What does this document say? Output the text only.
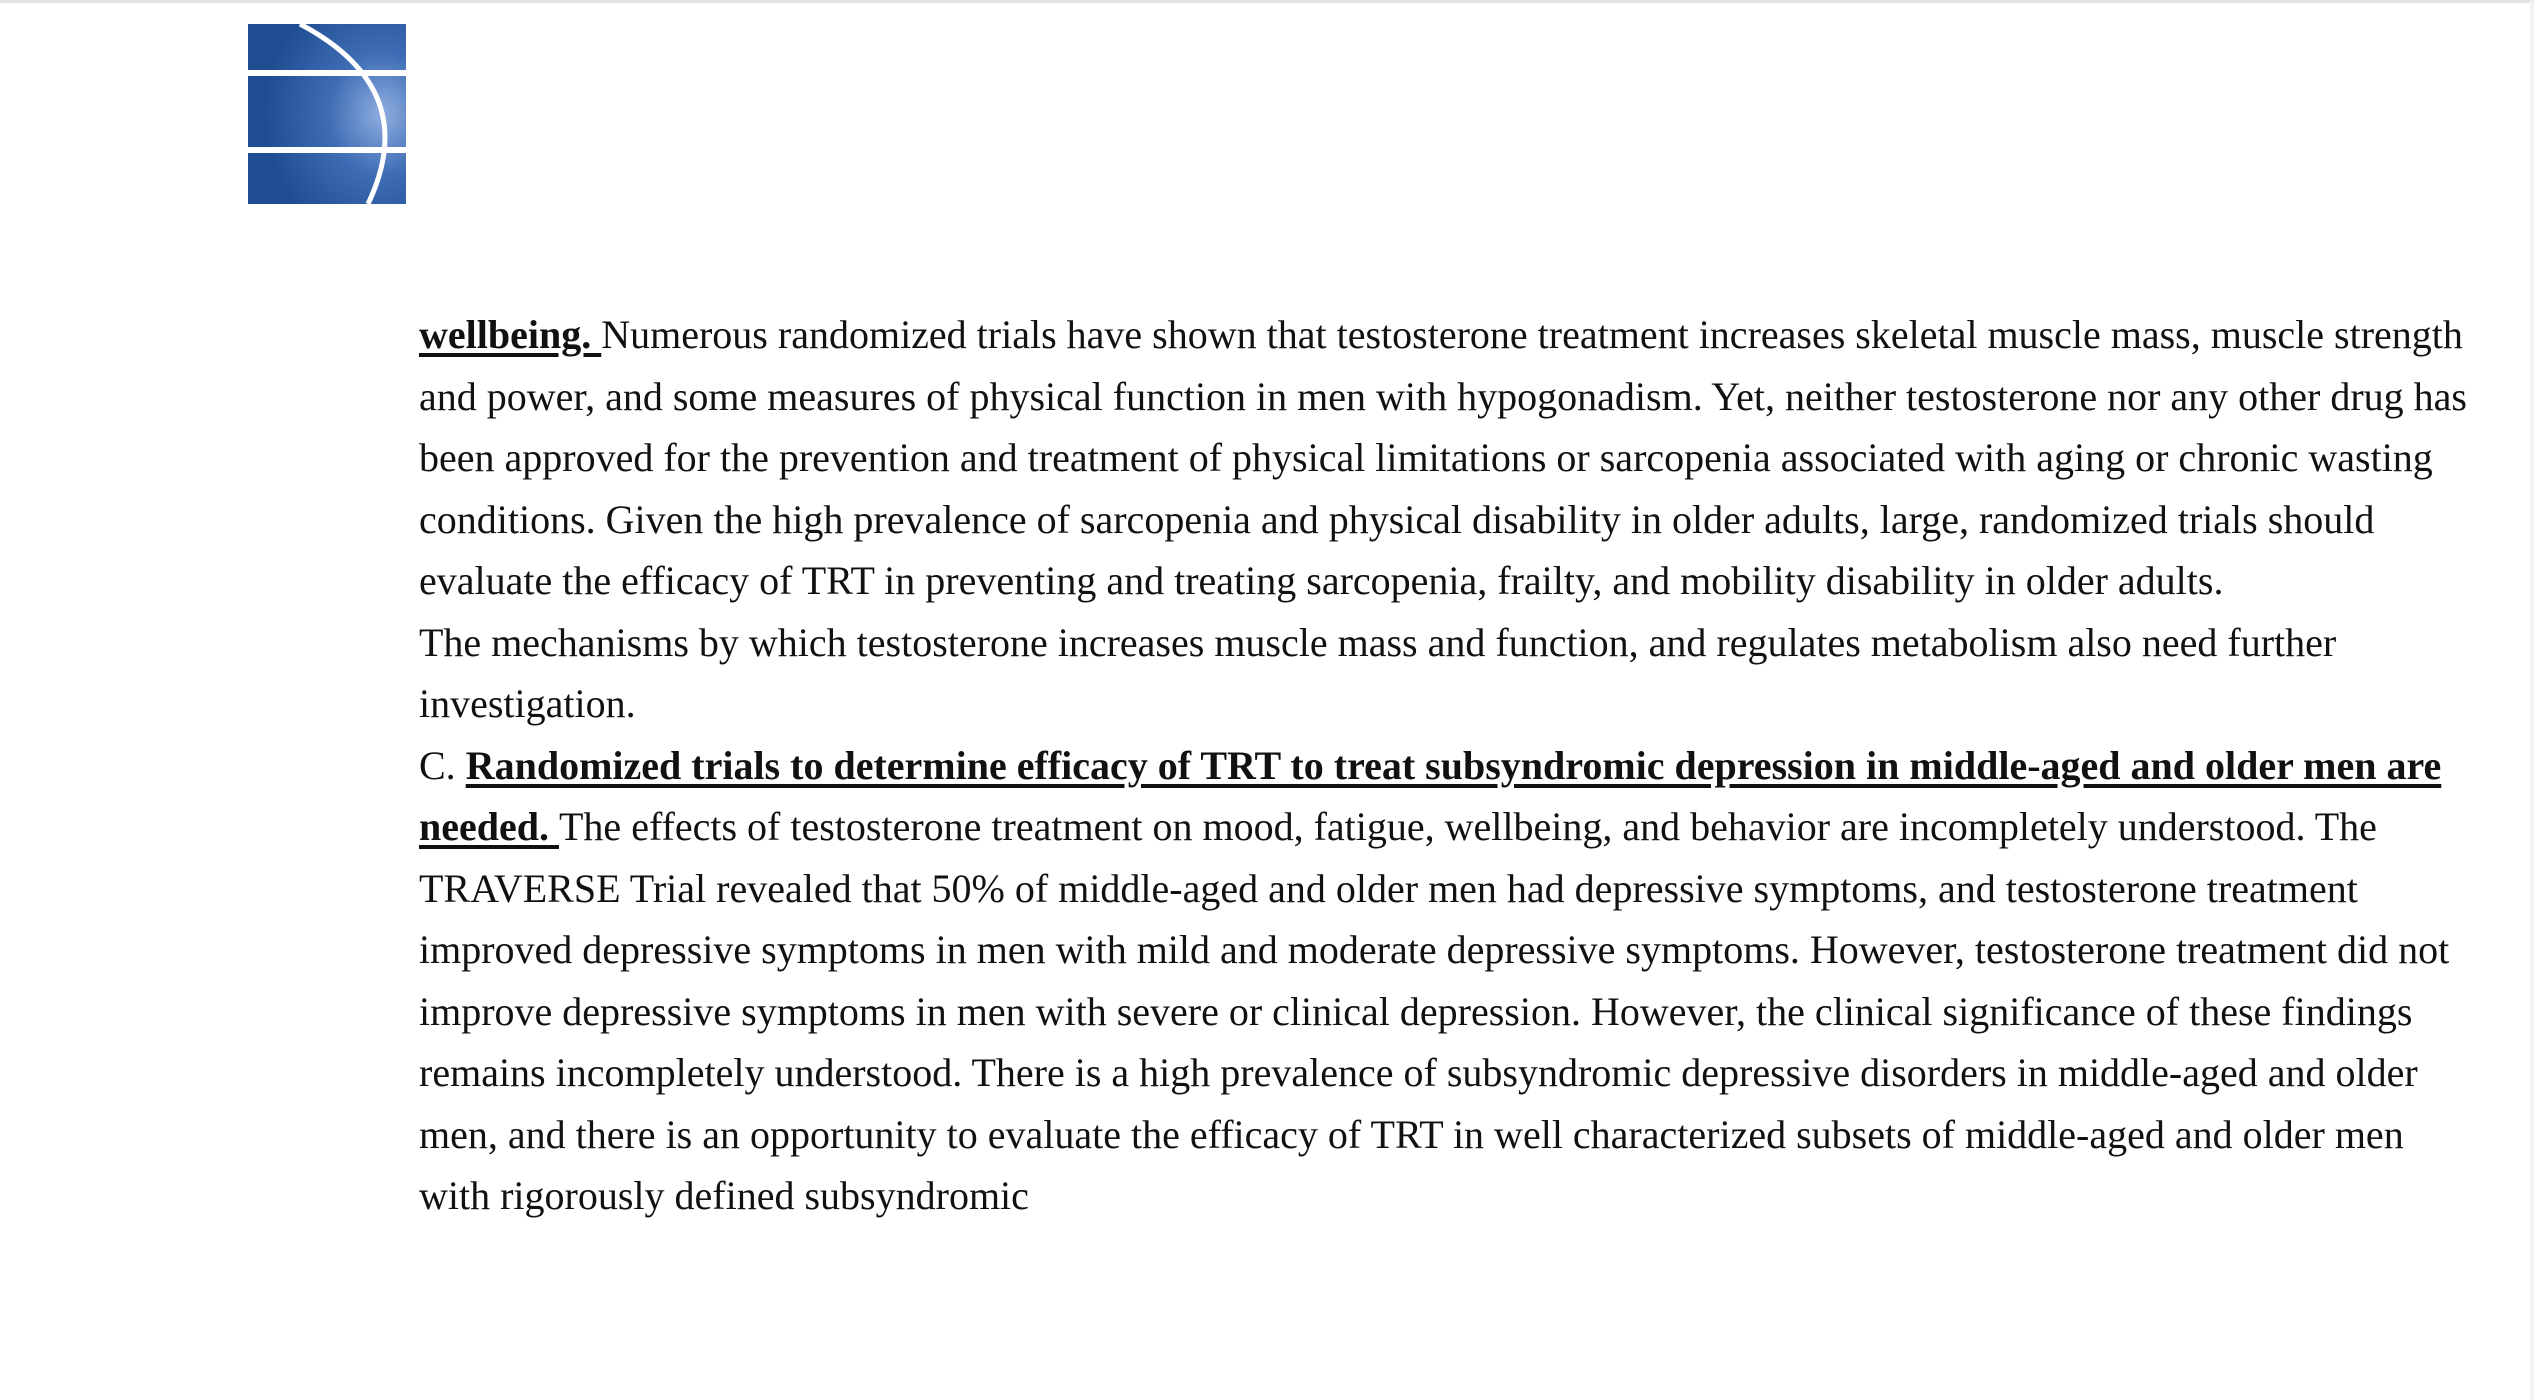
wellbeing. Numerous randomized trials have shown that testosterone treatment increases skeletal muscle mass, muscle strength and power, and some measures of physical function in men with hypogonadism. Yet, neither testosterone nor any other drug has been approved for the prevention and treatment of physical limitations or sarcopenia associated with aging or chronic wasting conditions. Given the high prevalence of sarcopenia and physical disability in older adults, large, randomized trials should evaluate the efficacy of TRT in preventing and treating sarcopenia, frailty, and mobility disability in older adults.

The mechanisms by which testosterone increases muscle mass and function, and regulates metabolism also need further investigation.

C. Randomized trials to determine efficacy of TRT to treat subsyndromic depression in middle-aged and older men are needed. The effects of testosterone treatment on mood, fatigue, wellbeing, and behavior are incompletely understood. The TRAVERSE Trial revealed that 50% of middle-aged and older men had depressive symptoms, and testosterone treatment improved depressive symptoms in men with mild and moderate depressive symptoms. However, testosterone treatment did not improve depressive symptoms in men with severe or clinical depression. However, the clinical significance of these findings remains incompletely understood. There is a high prevalence of subsyndromic depressive disorders in middle-aged and older men, and there is an opportunity to evaluate the efficacy of TRT in well characterized subsets of middle-aged and older men with rigorously defined subsyndromic
